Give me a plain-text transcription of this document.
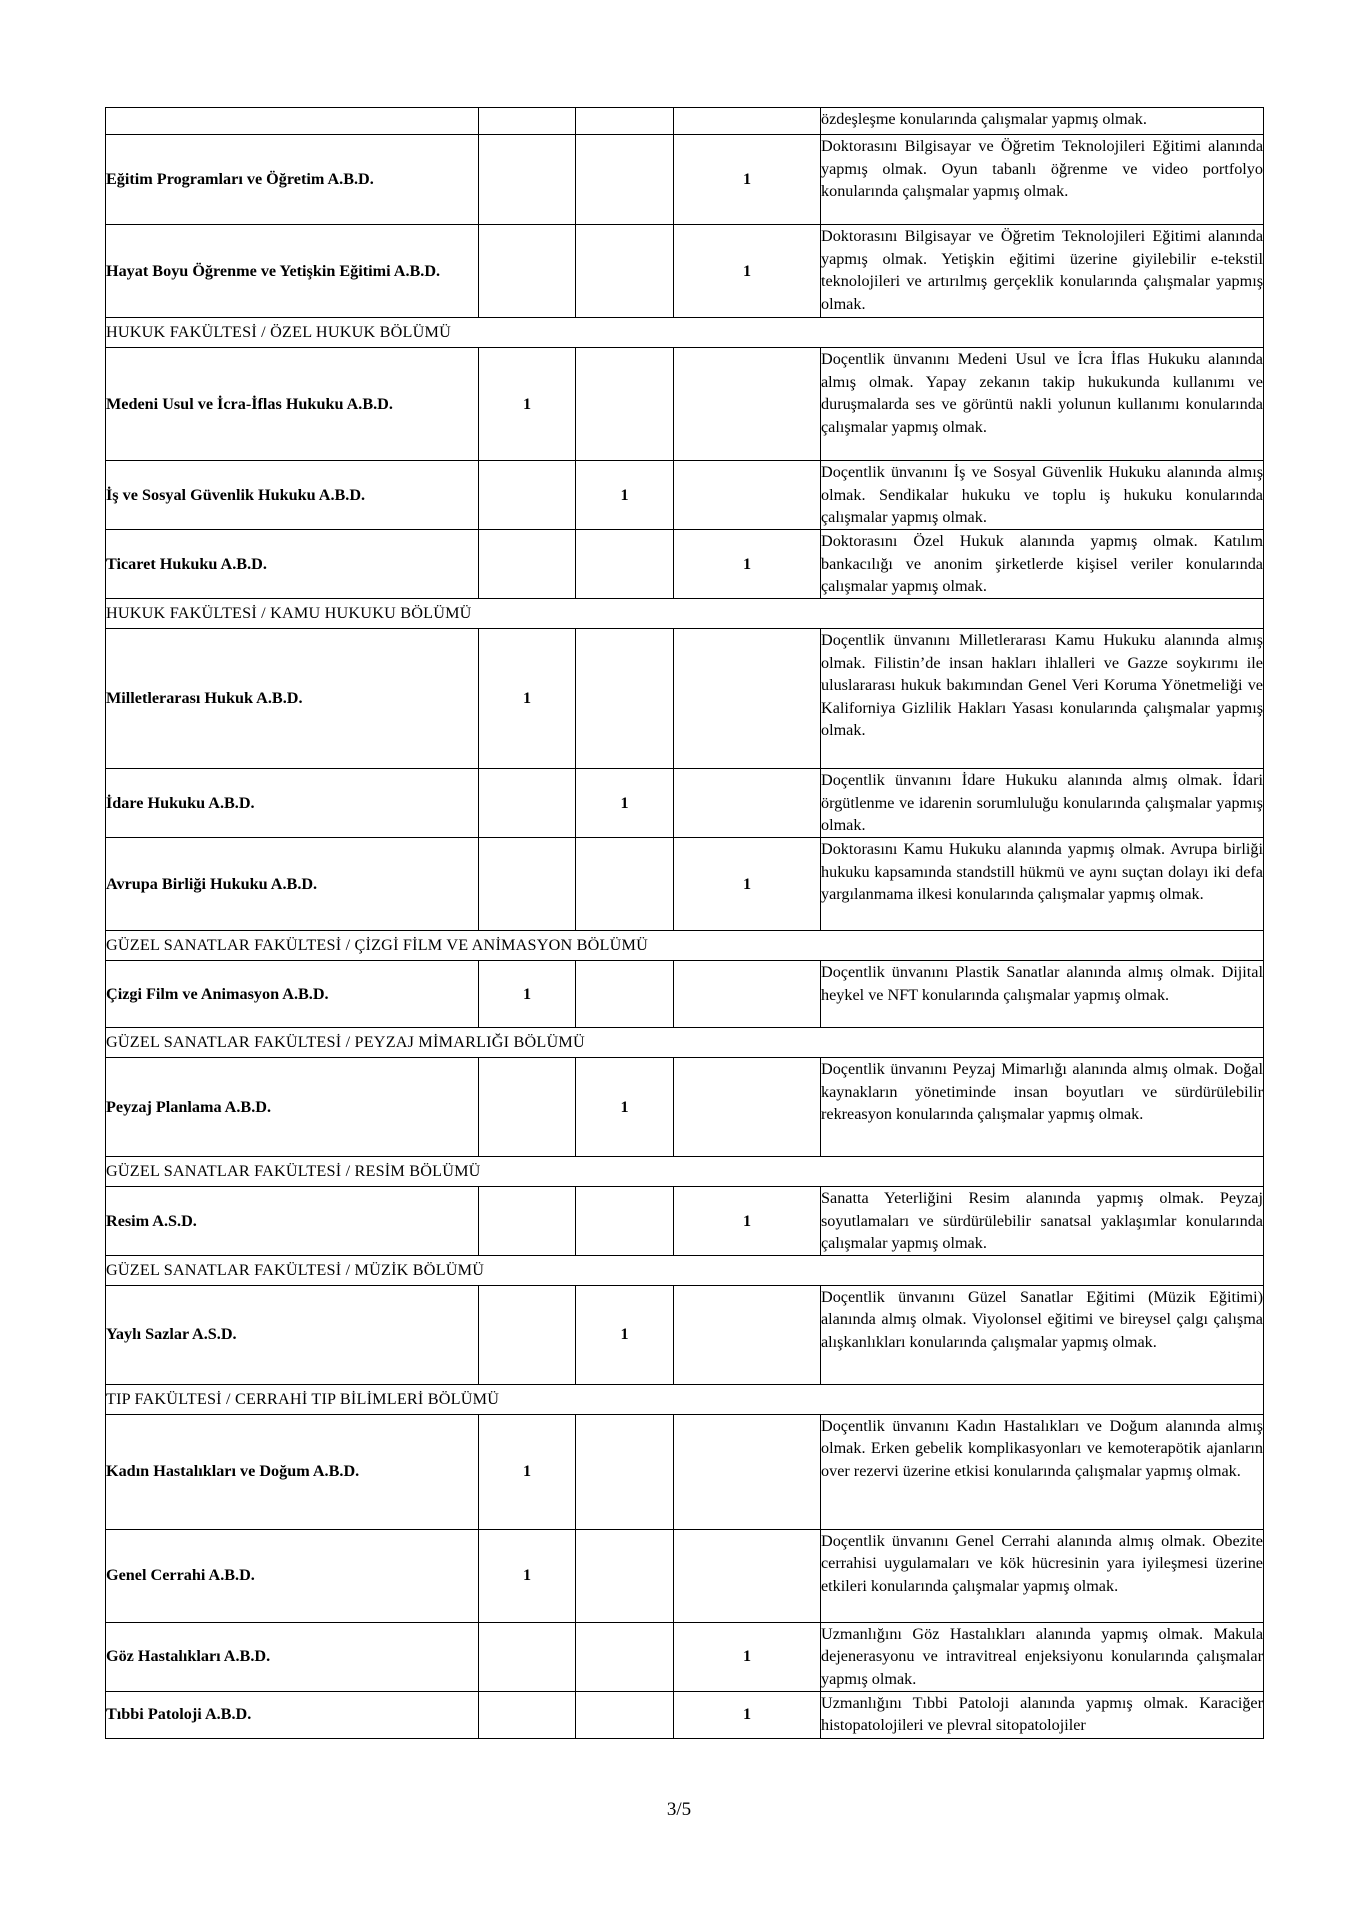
				özdeşleşme konularında çalışmalar yapmış olmak.
Eğitim Programları ve Öğretim A.B.D.			1	Doktorasını Bilgisayar ve Öğretim Teknolojileri Eğitimi alanında yapmış olmak. Oyun tabanlı öğrenme ve video portfolyo konularında çalışmalar yapmış olmak.
Hayat Boyu Öğrenme ve Yetişkin Eğitimi A.B.D.			1	Doktorasını Bilgisayar ve Öğretim Teknolojileri Eğitimi alanında yapmış olmak. Yetişkin eğitimi üzerine giyilebilir e-tekstil teknolojileri ve artırılmış gerçeklik konularında çalışmalar yapmış olmak.
HUKUK FAKÜLTESİ / ÖZEL HUKUK BÖLÜMÜ				
Medeni Usul ve İcra-İflas Hukuku A.B.D.	1			Doçentlik ünvanını Medeni Usul ve İcra İflas Hukuku alanında almış olmak. Yapay zekanın takip hukukunda kullanımı ve duruşmalarda ses ve görüntü nakli yolunun kullanımı konularında çalışmalar yapmış olmak.
İş ve Sosyal Güvenlik Hukuku A.B.D.		1		Doçentlik ünvanını İş ve Sosyal Güvenlik Hukuku alanında almış olmak. Sendikalar hukuku ve toplu iş hukuku konularında çalışmalar yapmış olmak.
Ticaret Hukuku A.B.D.			1	Doktorasını Özel Hukuk alanında yapmış olmak. Katılım bankacılığı ve anonim şirketlerde kişisel veriler konularında çalışmalar yapmış olmak.
HUKUK FAKÜLTESİ / KAMU HUKUKU BÖLÜMÜ				
Milletlerarası Hukuk A.B.D.	1			Doçentlik ünvanını Milletlerarası Kamu Hukuku alanında almış olmak. Filistin’de insan hakları ihlalleri ve Gazze soykırımı ile uluslararası hukuk bakımından Genel Veri Koruma Yönetmeliği ve Kaliforniya Gizlilik Hakları Yasası konularında çalışmalar yapmış olmak.
İdare Hukuku A.B.D.		1		Doçentlik ünvanını İdare Hukuku alanında almış olmak. İdari örgütlenme ve idarenin sorumluluğu konularında çalışmalar yapmış olmak.
Avrupa Birliği Hukuku A.B.D.			1	Doktorasını Kamu Hukuku alanında yapmış olmak. Avrupa birliği hukuku kapsamında standstill hükmü ve aynı suçtan dolayı iki defa yargılanmama ilkesi konularında çalışmalar yapmış olmak.
GÜZEL SANATLAR FAKÜLTESİ / ÇİZGİ FİLM VE ANİMASYON BÖLÜMÜ				
Çizgi Film ve Animasyon A.B.D.	1			Doçentlik ünvanını Plastik Sanatlar alanında almış olmak. Dijital heykel ve NFT konularında çalışmalar yapmış olmak.
GÜZEL SANATLAR FAKÜLTESİ / PEYZAJ MİMARLIĞI BÖLÜMÜ				
Peyzaj Planlama A.B.D.		1		Doçentlik ünvanını Peyzaj Mimarlığı alanında almış olmak. Doğal kaynakların yönetiminde insan boyutları ve sürdürülebilir rekreasyon konularında çalışmalar yapmış olmak.
GÜZEL SANATLAR FAKÜLTESİ / RESİM BÖLÜMÜ				
Resim A.S.D.			1	Sanatta Yeterliğini Resim alanında yapmış olmak. Peyzaj soyutlamaları ve sürdürülebilir sanatsal yaklaşımlar konularında çalışmalar yapmış olmak.
GÜZEL SANATLAR FAKÜLTESİ / MÜZİK BÖLÜMÜ				
Yaylı Sazlar A.S.D.		1		Doçentlik ünvanını Güzel Sanatlar Eğitimi (Müzik Eğitimi) alanında almış olmak. Viyolonsel eğitimi ve bireysel çalgı çalışma alışkanlıkları konularında çalışmalar yapmış olmak.
TIP FAKÜLTESİ / CERRAHİ TIP BİLİMLERİ BÖLÜMÜ				
Kadın Hastalıkları ve Doğum A.B.D.	1			Doçentlik ünvanını Kadın Hastalıkları ve Doğum alanında almış olmak. Erken gebelik komplikasyonları ve kemoterapötik ajanların over rezervi üzerine etkisi konularında çalışmalar yapmış olmak.
Genel Cerrahi A.B.D.	1			Doçentlik ünvanını Genel Cerrahi alanında almış olmak. Obezite cerrahisi uygulamaları ve kök hücresinin yara iyileşmesi üzerine etkileri konularında çalışmalar yapmış olmak.
Göz Hastalıkları A.B.D.			1	Uzmanlığını Göz Hastalıkları alanında yapmış olmak. Makula dejenerasyonu ve intravitreal enjeksiyonu konularında çalışmalar yapmış olmak.
Tıbbi Patoloji A.B.D.			1	Uzmanlığını Tıbbi Patoloji alanında yapmış olmak. Karaciğer histopatolojileri ve plevral sitopatolojiler
3/5
